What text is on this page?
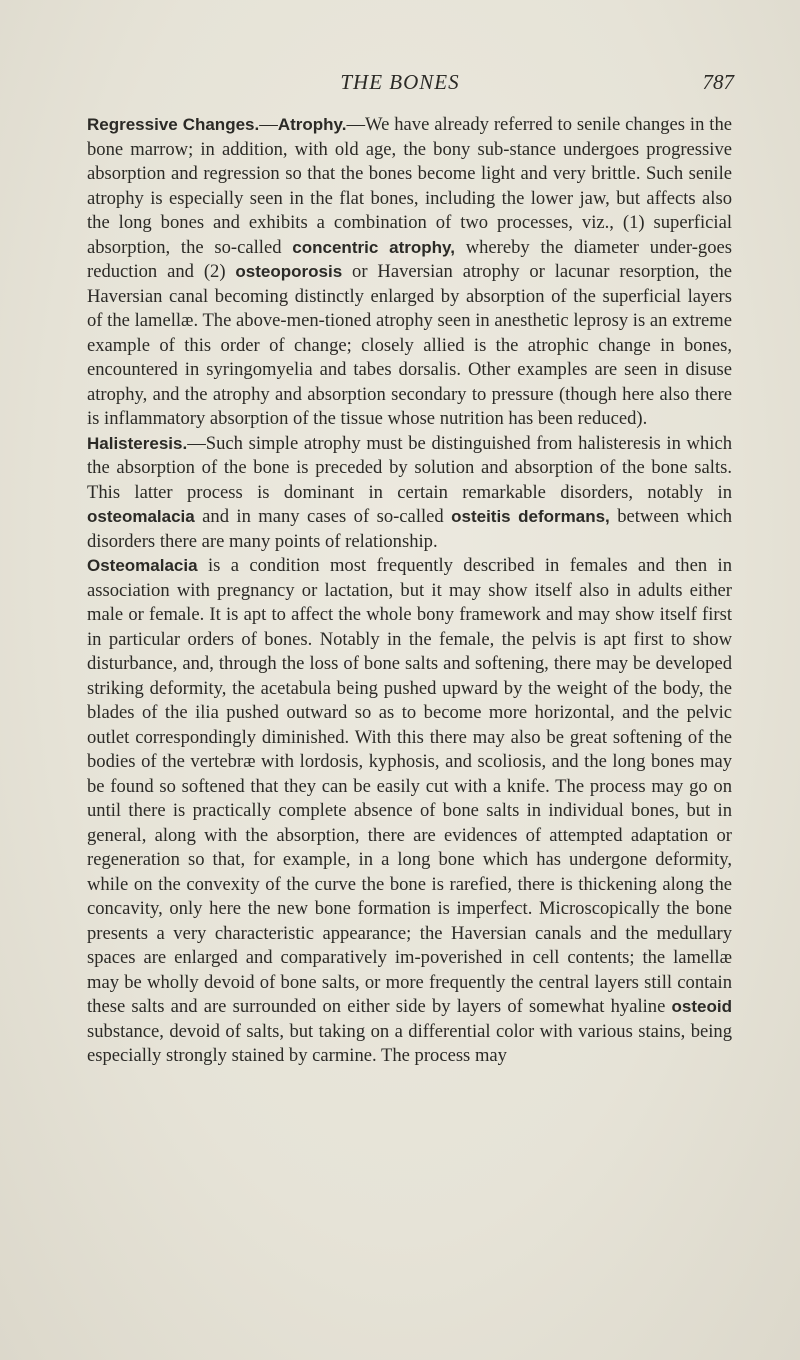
THE BONES	787

Regressive Changes.—Atrophy.—We have already referred to senile changes in the bone marrow; in addition, with old age, the bony sub-stance undergoes progressive absorption and regression so that the bones become light and very brittle. Such senile atrophy is especially seen in the flat bones, including the lower jaw, but affects also the long bones and exhibits a combination of two processes, viz., (1) superficial absorption, the so-called concentric atrophy, whereby the diameter under-goes reduction and (2) osteoporosis or Haversian atrophy or lacunar resorption, the Haversian canal becoming distinctly enlarged by absorption of the superficial layers of the lamellæ. The above-men-tioned atrophy seen in anesthetic leprosy is an extreme example of this order of change; closely allied is the atrophic change in bones, encountered in syringomyelia and tabes dorsalis. Other examples are seen in disuse atrophy, and the atrophy and absorption secondary to pressure (though here also there is inflammatory absorption of the tissue whose nutrition has been reduced).

Halisteresis.—Such simple atrophy must be distinguished from halisteresis in which the absorption of the bone is preceded by solution and absorption of the bone salts. This latter process is dominant in certain remarkable disorders, notably in osteomalacia and in many cases of so-called osteitis deformans, between which disorders there are many points of relationship.

Osteomalacia is a condition most frequently described in females and then in association with pregnancy or lactation, but it may show itself also in adults either male or female. It is apt to affect the whole bony framework and may show itself first in particular orders of bones. Notably in the female, the pelvis is apt first to show disturbance, and, through the loss of bone salts and softening, there may be developed striking deformity, the acetabula being pushed upward by the weight of the body, the blades of the ilia pushed outward so as to become more horizontal, and the pelvic outlet correspondingly diminished. With this there may also be great softening of the bodies of the vertebræ with lordosis, kyphosis, and scoliosis, and the long bones may be found so softened that they can be easily cut with a knife. The process may go on until there is practically complete absence of bone salts in individual bones, but in general, along with the absorption, there are evidences of attempted adaptation or regeneration so that, for example, in a long bone which has undergone deformity, while on the convexity of the curve the bone is rarefied, there is thickening along the concavity, only here the new bone formation is imperfect. Microscopically the bone presents a very characteristic appearance; the Haversian canals and the medullary spaces are enlarged and comparatively im-poverished in cell contents; the lamellæ may be wholly devoid of bone salts, or more frequently the central layers still contain these salts and are surrounded on either side by layers of somewhat hyaline osteoid substance, devoid of salts, but taking on a differential color with various stains, being especially strongly stained by carmine. The process may
